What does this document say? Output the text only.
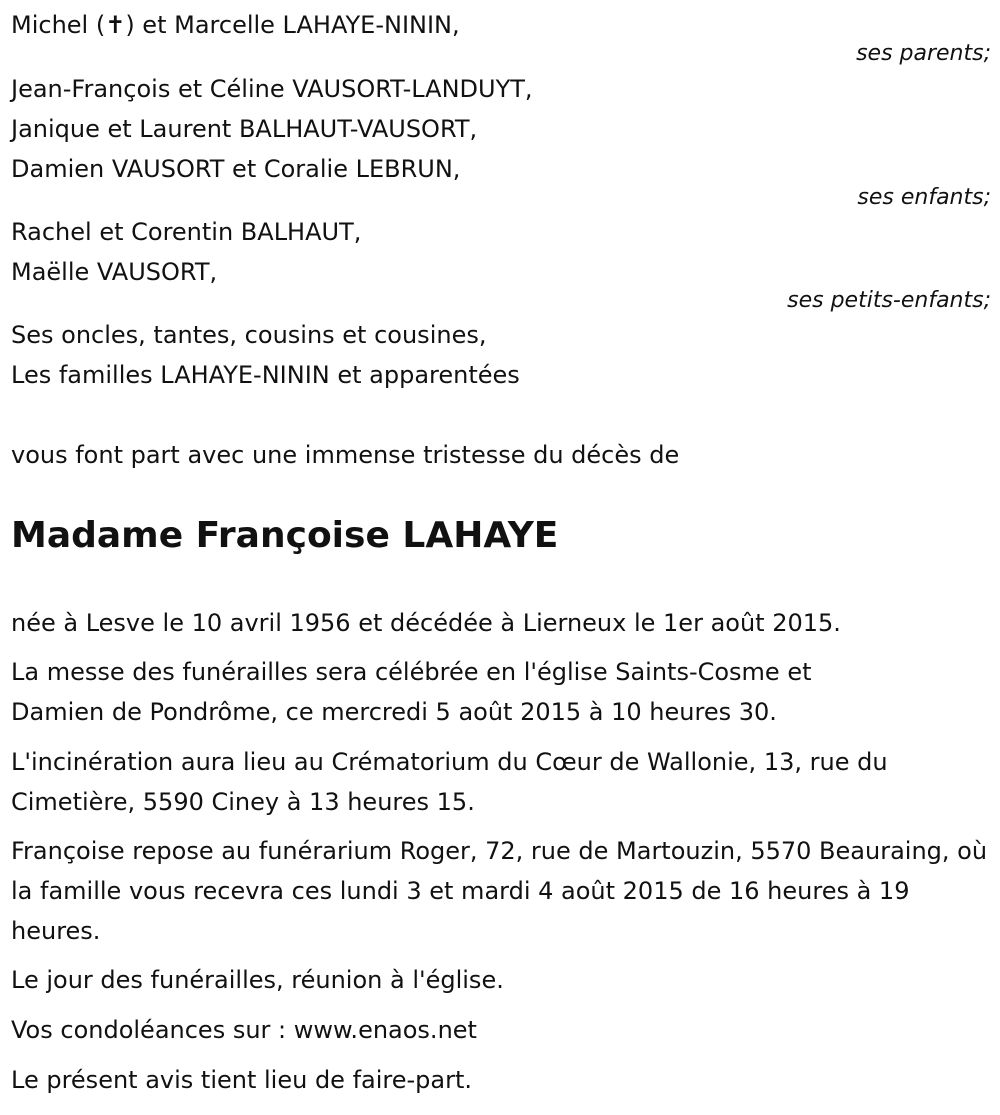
Michel (✝) et Marcelle LAHAYE-NININ,

ses parents;

Jean-François et Céline VAUSORT-LANDUYT,

Janique et Laurent BALHAUT-VAUSORT,

Damien VAUSORT et Coralie LEBRUN,

ses enfants;

Rachel et Corentin BALHAUT,

Maëlle VAUSORT,

ses petits-enfants;

Ses oncles, tantes, cousins et cousines,

Les familles LAHAYE-NININ et apparentées

vous font part avec une immense tristesse du décès de

Madame Françoise LAHAYE

née à Lesve le 10 avril 1956 et décédée à Lierneux le 1er août 2015.

La messe des funérailles sera célébrée en l'église Saints-Cosme et Damien de Pondrôme, ce mercredi 5 août 2015 à 10 heures 30.

L'incinération aura lieu au Crématorium du Cœur de Wallonie, 13, rue du Cimetière, 5590 Ciney à 13 heures 15.

Françoise repose au funérarium Roger, 72, rue de Martouzin, 5570 Beauraing, où la famille vous recevra ces lundi 3 et mardi 4 août 2015 de 16 heures à 19 heures.

Le jour des funérailles, réunion à l'église.

Vos condoléances sur : www.enaos.net

Le présent avis tient lieu de faire-part.
